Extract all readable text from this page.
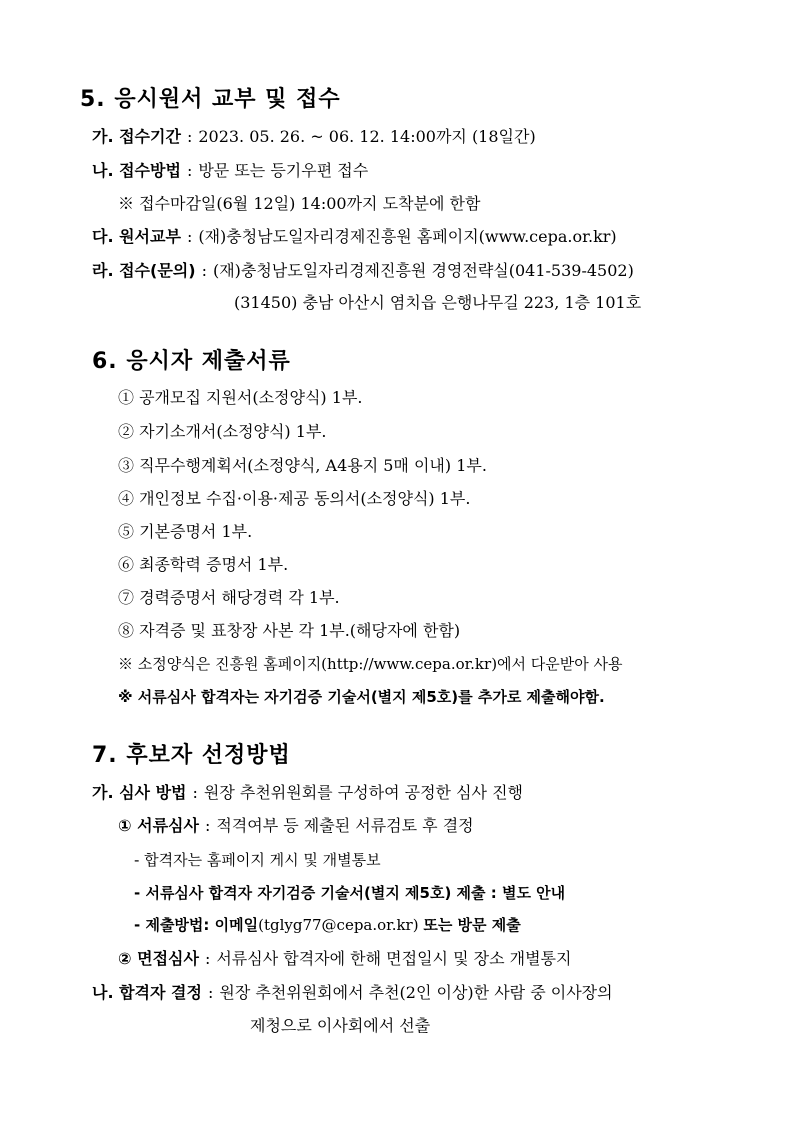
5. 응시원서 교부 및 접수
가. 접수기간 : 2023. 05. 26. ~ 06. 12. 14:00까지 (18일간)
나. 접수방법 : 방문 또는 등기우편 접수
※ 접수마감일(6월 12일) 14:00까지 도착분에 한함
다. 원서교부 : (재)충청남도일자리경제진흥원 홈페이지(www.cepa.or.kr)
라. 접수(문의) : (재)충청남도일자리경제진흥원 경영전략실(041-539-4502)
(31450) 충남 아산시 염치읍 은행나무길 223, 1층 101호
6. 응시자 제출서류
① 공개모집 지원서(소정양식) 1부.
② 자기소개서(소정양식) 1부.
③ 직무수행계획서(소정양식, A4용지 5매 이내) 1부.
④ 개인정보 수집·이용·제공 동의서(소정양식) 1부.
⑤ 기본증명서 1부.
⑥ 최종학력 증명서 1부.
⑦ 경력증명서 해당경력 각 1부.
⑧ 자격증 및 표창장 사본 각 1부.(해당자에 한함)
※ 소정양식은 진흥원 홈페이지(http://www.cepa.or.kr)에서 다운받아 사용
※ 서류심사 합격자는 자기검증 기술서(별지 제5호)를 추가로 제출해야함.
7. 후보자 선정방법
가. 심사 방법 : 원장 추천위원회를 구성하여 공정한 심사 진행
① 서류심사 : 적격여부 등 제출된 서류검토 후 결정
- 합격자는 홈페이지 게시 및 개별통보
- 서류심사 합격자 자기검증 기술서(별지 제5호) 제출 : 별도 안내
- 제출방법: 이메일(tglyg77@cepa.or.kr) 또는 방문 제출
② 면접심사 : 서류심사 합격자에 한해 면접일시 및 장소 개별통지
나. 합격자 결정 : 원장 추천위원회에서 추천(2인 이상)한 사람 중 이사장의
제청으로 이사회에서 선출
